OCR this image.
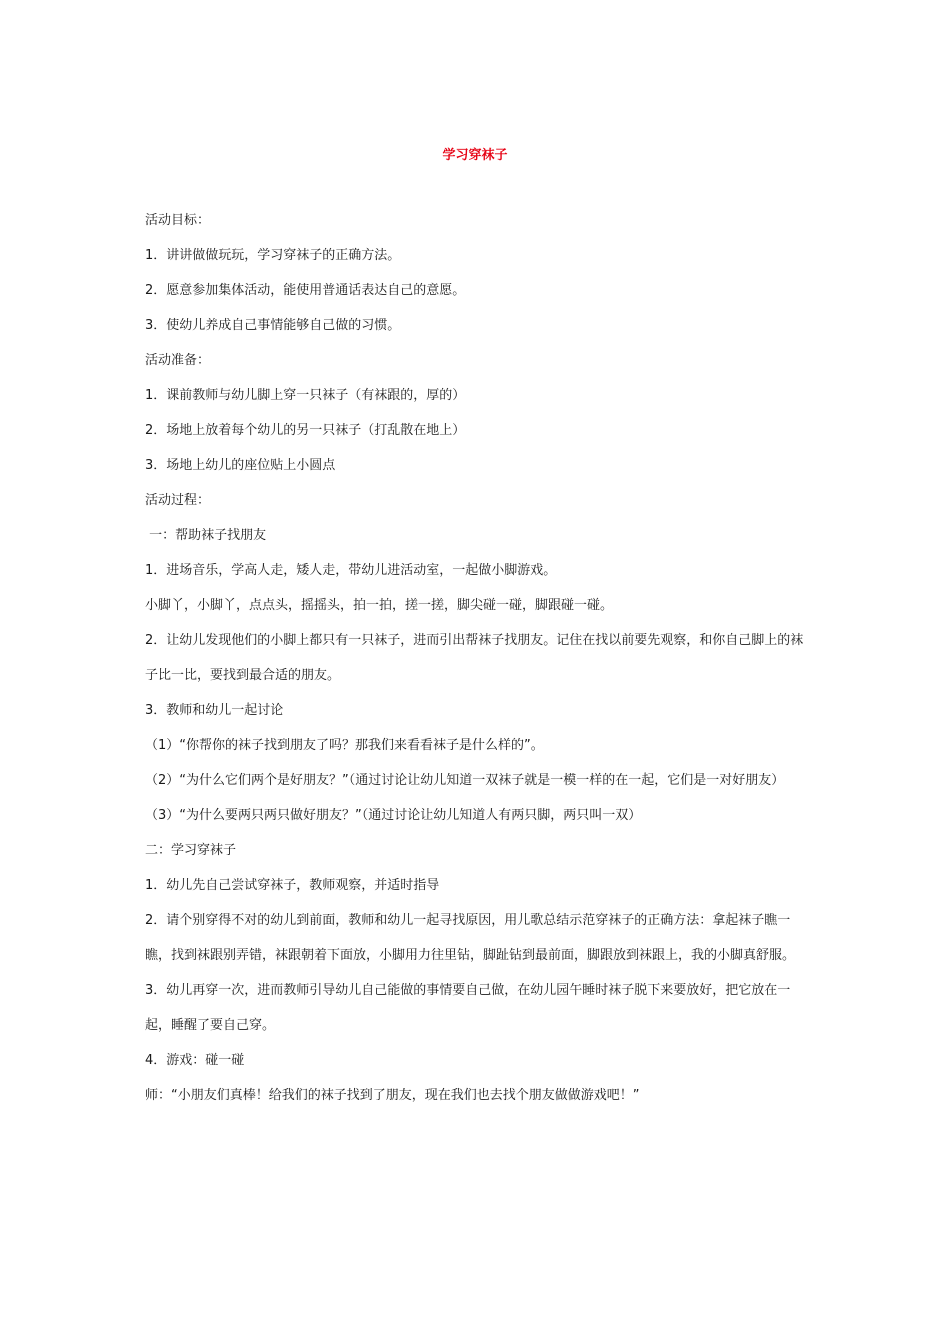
学习穿袜子

活动目标：

1．讲讲做做玩玩，学习穿袜子的正确方法。

2．愿意参加集体活动，能使用普通话表达自己的意愿。

3．使幼儿养成自己事情能够自己做的习惯。

活动准备：

1．课前教师与幼儿脚上穿一只袜子（有袜跟的，厚的）

2．场地上放着每个幼儿的另一只袜子（打乱散在地上）

3．场地上幼儿的座位贴上小圆点

活动过程：

一：帮助袜子找朋友

1．进场音乐，学高人走，矮人走，带幼儿进活动室，一起做小脚游戏。

小脚丫，小脚丫，点点头，摇摇头，拍一拍，搓一搓，脚尖碰一碰，脚跟碰一碰。

2．让幼儿发现他们的小脚上都只有一只袜子，进而引出帮袜子找朋友。记住在找以前要先观察，和你自己脚上的袜子比一比，要找到最合适的朋友。

3．教师和幼儿一起讨论

（1）“你帮你的袜子找到朋友了吗？那我们来看看袜子是什么样的”。

（2）“为什么它们两个是好朋友？”（通过讨论让幼儿知道一双袜子就是一模一样的在一起，它们是一对好朋友）

（3）“为什么要两只两只做好朋友？”（通过讨论让幼儿知道人有两只脚，两只叫一双）

二：学习穿袜子

1．幼儿先自己尝试穿袜子，教师观察，并适时指导

2．请个别穿得不对的幼儿到前面，教师和幼儿一起寻找原因，用儿歌总结示范穿袜子的正确方法：拿起袜子瞧一瞧，找到袜跟别弄错，袜跟朝着下面放，小脚用力往里钻，脚趾钻到最前面，脚跟放到袜跟上，我的小脚真舒服。

3．幼儿再穿一次，进而教师引导幼儿自己能做的事情要自己做，在幼儿园午睡时袜子脱下来要放好，把它放在一起，睡醒了要自己穿。

4．游戏：碰一碰

师：“小朋友们真棒！给我们的袜子找到了朋友，现在我们也去找个朋友做做游戏吧！”
